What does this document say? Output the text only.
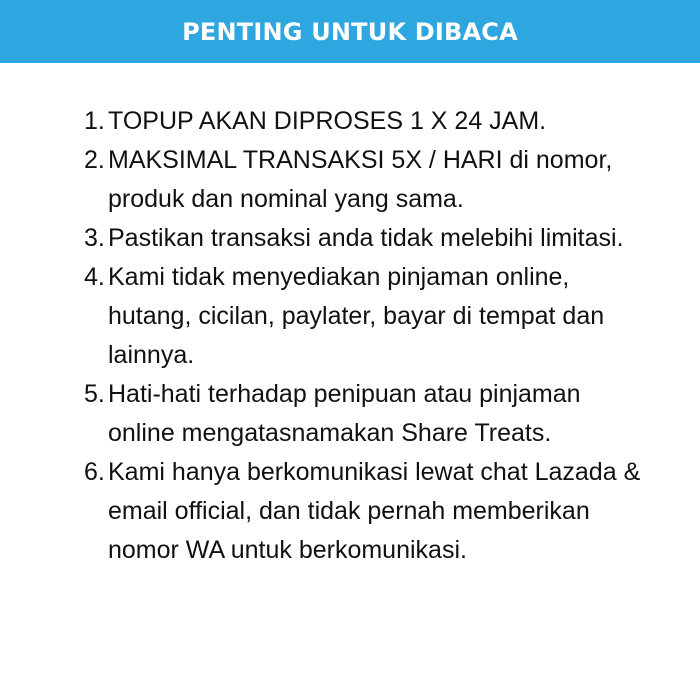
PENTING UNTUK DIBACA
1. TOPUP AKAN DIPROSES 1 X 24 JAM.
2. MAKSIMAL TRANSAKSI 5X / HARI di nomor, produk dan nominal yang sama.
3. Pastikan transaksi anda tidak melebihi limitasi.
4. Kami tidak menyediakan pinjaman online, hutang, cicilan, paylater, bayar di tempat dan lainnya.
5. Hati-hati terhadap penipuan atau pinjaman online mengatasnamakan Share Treats.
6. Kami hanya berkomunikasi lewat chat Lazada & email official, dan tidak pernah memberikan nomor WA untuk berkomunikasi.
